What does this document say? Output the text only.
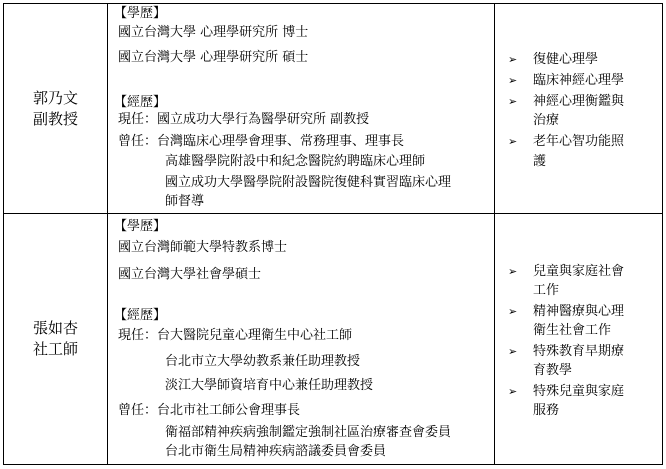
郭乃文
副教授
【學歷】
國立台灣大學 心理學研究所 博士
國立台灣大學 心理學研究所 碩士
【經歷】
現任：國立成功大學行為醫學研究所 副教授
曾任：台灣臨床心理學會理事、常務理事、理事長
高雄醫學院附設中和紀念醫院約聘臨床心理師
國立成功大學醫學院附設醫院復健科實習臨床心理
師督導
➢ 復健心理學
➢ 臨床神經心理學
➢ 神經心理衡鑑與
治療
➢ 老年心智功能照
護
張如杏
社工師
【學歷】
國立台灣師範大學特教系博士
國立台灣大學社會學碩士
【經歷】
現任：台大醫院兒童心理衛生中心社工師
台北市立大學幼教系兼任助理教授
淡江大學師資培育中心兼任助理教授
曾任：台北市社工師公會理事長
衛福部精神疾病強制鑑定強制社區治療審查會委員
台北市衛生局精神疾病諮議委員會委員
➢ 兒童與家庭社會
工作
➢ 精神醫療與心理
衛生社會工作
➢ 特殊教育早期療
育教學
➢ 特殊兒童與家庭
服務
